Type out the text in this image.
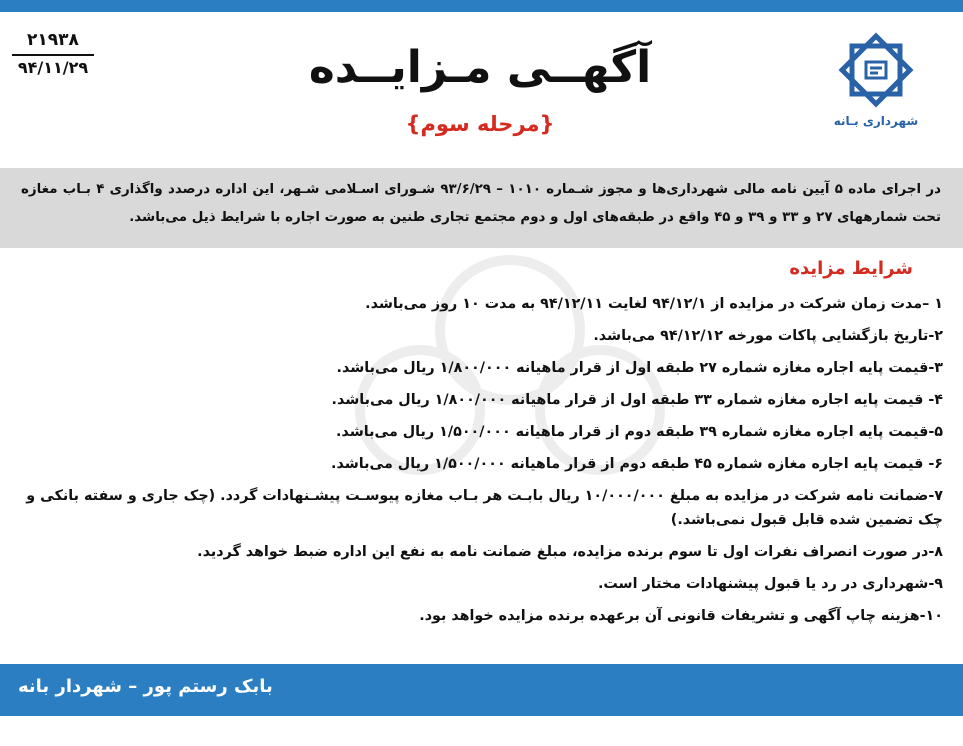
۲۱۹۳۸
۹۴/۱۱/۲۹
شهرداری بـانه
آگهــی مـزایــده
{مرحله سوم}
در اجرای ماده ۵ آیین نامه مالی شهرداری‌ها و مجوز شـماره ۱۰۱۰ – ۹۳/۶/۲۹ شـورای اسـلامی شـهر، این اداره درصدد واگذاری ۴ بـاب مغازه تحت شمارههای ۲۷ و ۳۳ و ۳۹ و ۴۵ واقع در طبقه‌های اول و دوم مجتمع تجاری طنین به صورت اجاره با شرایط ذیل می‌باشد.
شرایط مزایده
۱ –مدت زمان شرکت در مزایده از ۹۴/۱۲/۱ لغایت ۹۴/۱۲/۱۱ به مدت ۱۰ روز می‌باشد.
۲-تاریخ بازگشایی پاکات مورخه ۹۴/۱۲/۱۲ می‌باشد.
۳-قیمت پایه اجاره مغازه شماره ۲۷ طبقه اول از قرار ماهیانه ۱/۸۰۰/۰۰۰ ریال می‌باشد.
۴- قیمت پایه اجاره مغازه شماره ۳۳ طبقه اول از قرار ماهیانه ۱/۸۰۰/۰۰۰ ریال می‌باشد.
۵-قیمت پایه اجاره مغازه شماره ۳۹ طبقه دوم از قرار ماهیانه ۱/۵۰۰/۰۰۰ ریال می‌باشد.
۶- قیمت پایه اجاره مغازه شماره ۴۵ طبقه دوم از قرار ماهیانه ۱/۵۰۰/۰۰۰ ریال می‌باشد.
۷-ضمانت نامه شرکت در مزایده به مبلغ ۱۰/۰۰۰/۰۰۰ ریال بابـت هر بـاب مغازه پیوسـت پیشـنهادات گردد. (چک جاری و سفته بانکی و چک تضمین شده قابل قبول نمی‌باشد.)
۸-در صورت انصراف نفرات اول تا سوم برنده مزایده، مبلغ ضمانت نامه به نفع این اداره ضبط خواهد گردید.
۹-شهرداری در رد یا قبول پیشنهادات مختار است.
۱۰-هزینه چاپ آگهی و تشریفات قانونی آن برعهده برنده مزایده خواهد بود.
بابک رستم پور – شهردار بانه
